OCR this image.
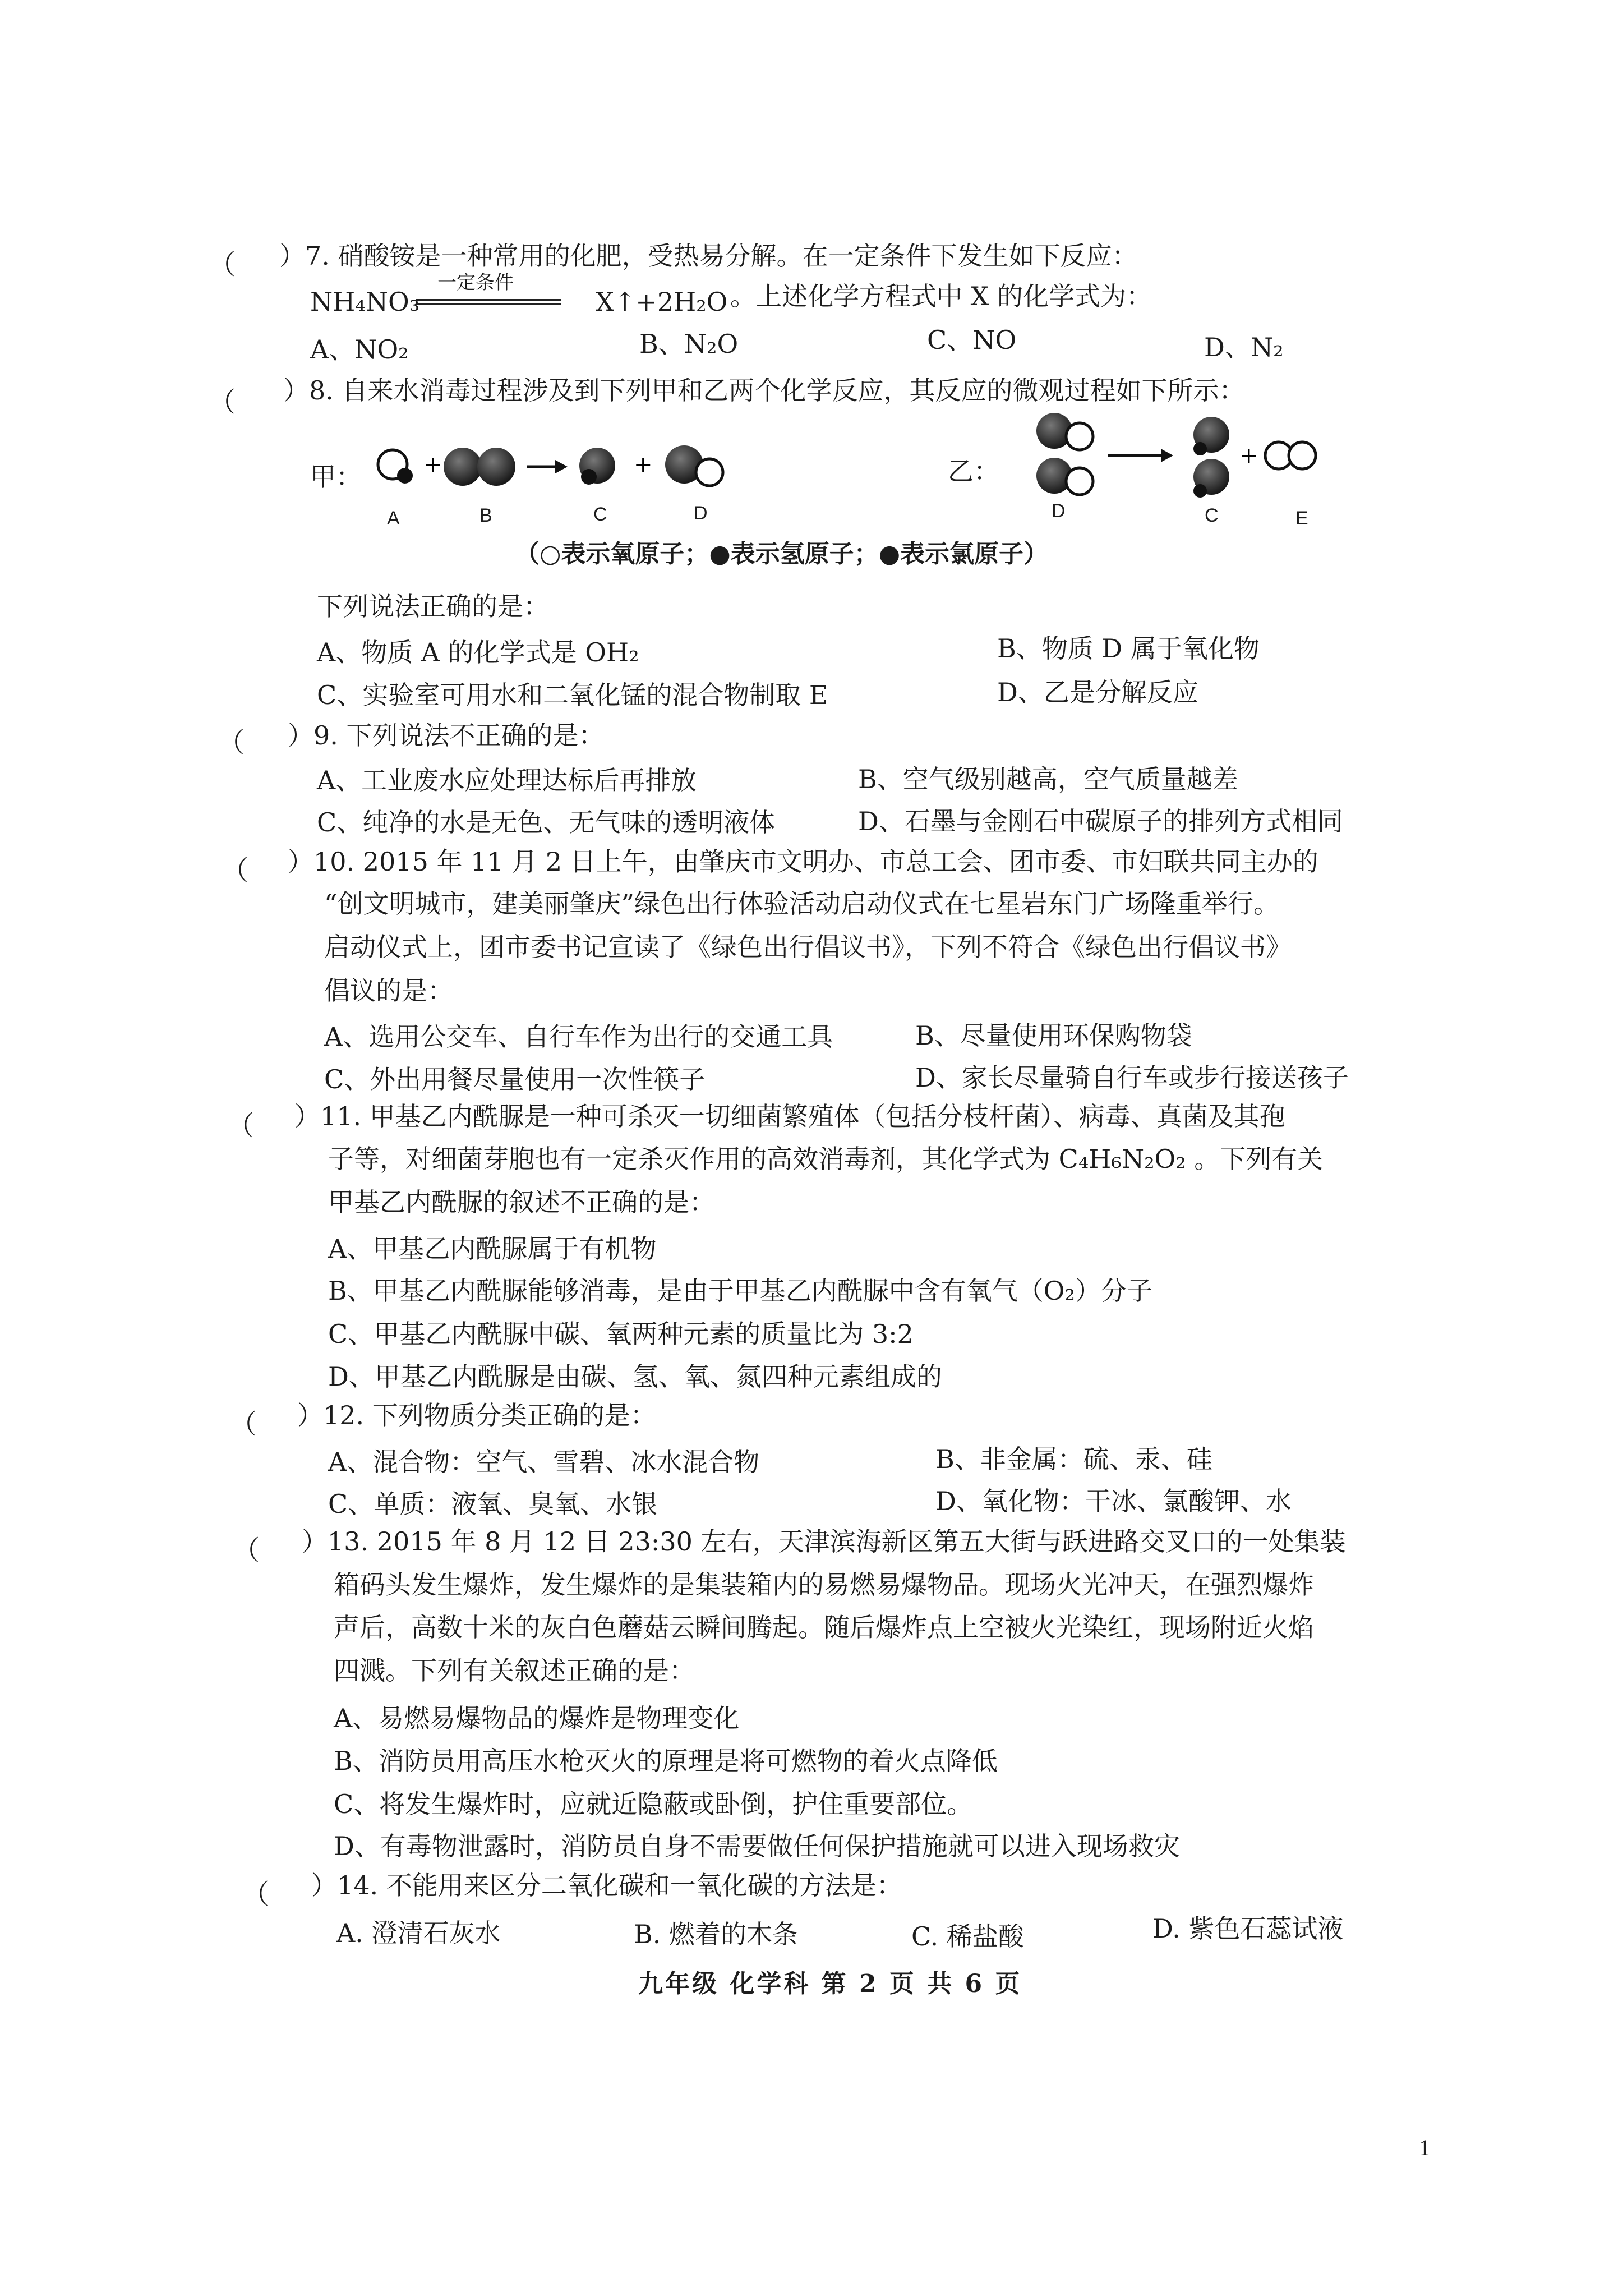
（ ）7. 硝酸铵是一种常用的化肥，受热易分解。在一定条件下发生如下反应：
NH₄NO₃
一定条件
X↑+2H₂O 。上述化学方程式中 X 的化学式为：
A、NO₂	B、N₂O	C、NO	D、N₂
（ ）8. 自来水消毒过程涉及到下列甲和乙两个化学反应，其反应的微观过程如下所示：
甲：	乙：
+	+	+
A	B	C	D	D	C	E
（○表示氧原子；●表示氢原子；●表示氯原子）
下列说法正确的是：
A、物质 A 的化学式是 OH₂	B、物质 D 属于氧化物
C、实验室可用水和二氧化锰的混合物制取 E	D、乙是分解反应
（ ）9. 下列说法不正确的是：
A、工业废水应处理达标后再排放	B、空气级别越高，空气质量越差
C、纯净的水是无色、无气味的透明液体	D、石墨与金刚石中碳原子的排列方式相同
（ ）10. 2015 年 11 月 2 日上午，由肇庆市文明办、市总工会、团市委、市妇联共同主办的
“创文明城市，建美丽肇庆”绿色出行体验活动启动仪式在七星岩东门广场隆重举行。
启动仪式上，团市委书记宣读了《绿色出行倡议书》，下列不符合《绿色出行倡议书》
倡议的是：
A、选用公交车、自行车作为出行的交通工具	B、尽量使用环保购物袋
C、外出用餐尽量使用一次性筷子	D、家长尽量骑自行车或步行接送孩子
（ ）11. 甲基乙内酰脲是一种可杀灭一切细菌繁殖体（包括分枝杆菌）、病毒、真菌及其孢
子等，对细菌芽胞也有一定杀灭作用的高效消毒剂，其化学式为 C₄H₆N₂O₂ 。下列有关
甲基乙内酰脲的叙述不正确的是：
A、甲基乙内酰脲属于有机物
B、甲基乙内酰脲能够消毒，是由于甲基乙内酰脲中含有氧气（O₂）分子
C、甲基乙内酰脲中碳、氧两种元素的质量比为 3:2
D、甲基乙内酰脲是由碳、氢、氧、氮四种元素组成的
（ ）12. 下列物质分类正确的是：
A、混合物：空气、雪碧、冰水混合物	B、非金属：硫、汞、硅
C、单质：液氧、臭氧、水银	D、氧化物：干冰、氯酸钾、水
（ ）13. 2015 年 8 月 12 日 23:30 左右，天津滨海新区第五大街与跃进路交叉口的一处集装
箱码头发生爆炸，发生爆炸的是集装箱内的易燃易爆物品。现场火光冲天，在强烈爆炸
声后，高数十米的灰白色蘑菇云瞬间腾起。随后爆炸点上空被火光染红，现场附近火焰
四溅。下列有关叙述正确的是：
A、易燃易爆物品的爆炸是物理变化
B、消防员用高压水枪灭火的原理是将可燃物的着火点降低
C、将发生爆炸时，应就近隐蔽或卧倒，护住重要部位。
D、有毒物泄露时，消防员自身不需要做任何保护措施就可以进入现场救灾
（ ）14. 不能用来区分二氧化碳和一氧化碳的方法是：
A. 澄清石灰水	B. 燃着的木条	C. 稀盐酸	D. 紫色石蕊试液
九年级 化学科 第 2 页 共 6 页
1
